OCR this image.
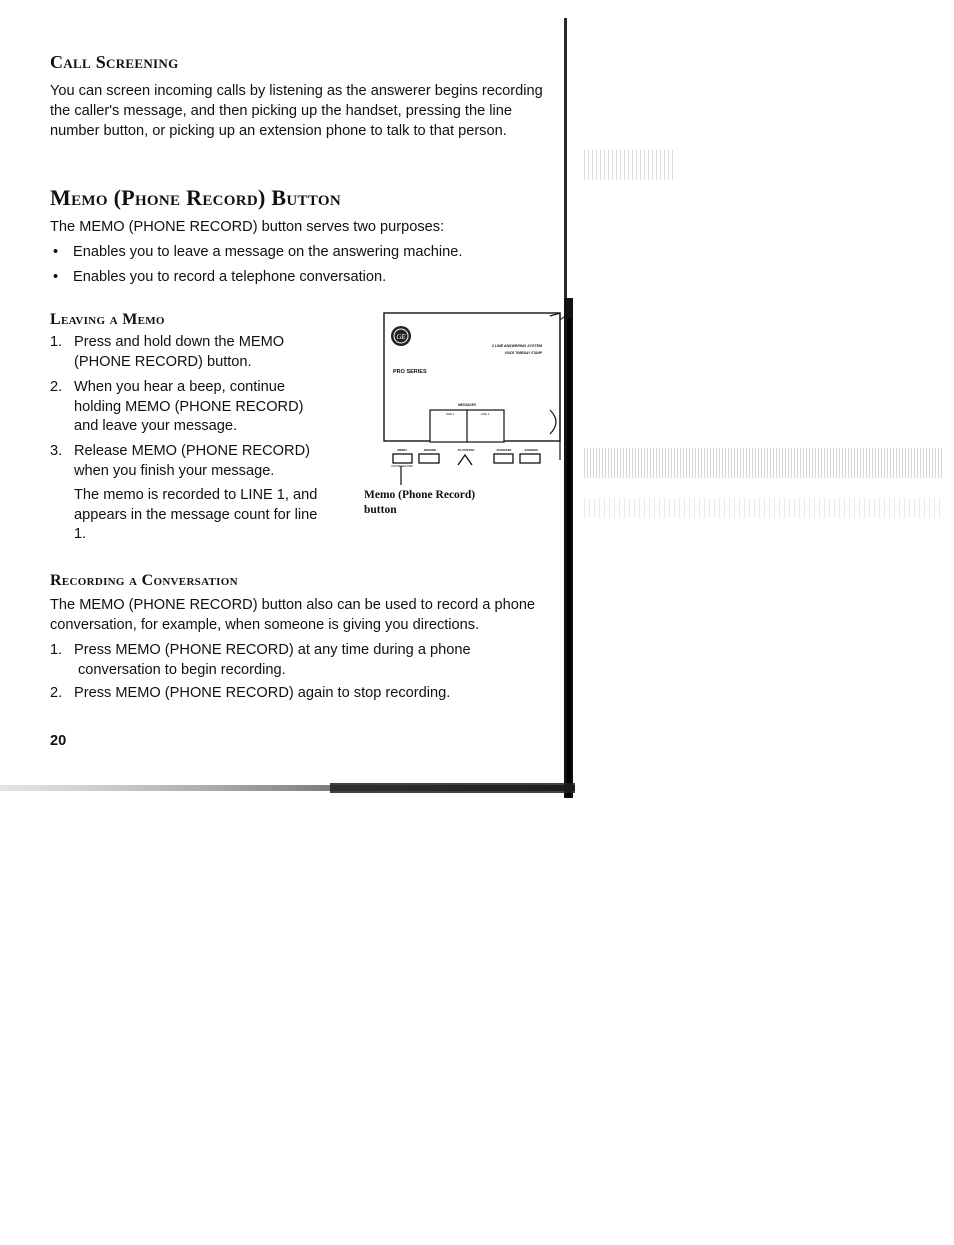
Call Screening

You can screen incoming calls by listening as the answerer begins recording the caller's message, and then picking up the handset, pressing the line number button, or picking up an extension phone to talk to that person.

Memo (Phone Record) Button

The MEMO (PHONE RECORD) button serves two purposes:

• Enables you to leave a message on the answering machine.
• Enables you to record a telephone conversation.
Leaving a Memo
1. Press and hold down the MEMO (PHONE RECORD) button.
2. When you hear a beep, continue holding MEMO (PHONE RECORD) and leave your message.
3. Release MEMO (PHONE RECORD) when you finish your message.

The memo is recorded to LINE 1, and appears in the message count for line 1.

GE
2 LINE ANSWERING SYSTEM
VOICE TIME/DAY STAMP
PRO SERIES
MESSAGES
LINE 1	LINE 2
MEMO	REWIND	PLAY/STOP	FF/ERASE	ANSWER
PHONE RECORD
Memo (Phone Record)
button
Recording a Conversation

The MEMO (PHONE RECORD) button also can be used to record a phone conversation, for example, when someone is giving you directions.

1. Press MEMO (PHONE RECORD) at any time during a phone conversation to begin recording.
2. Press MEMO (PHONE RECORD) again to stop recording.
20
